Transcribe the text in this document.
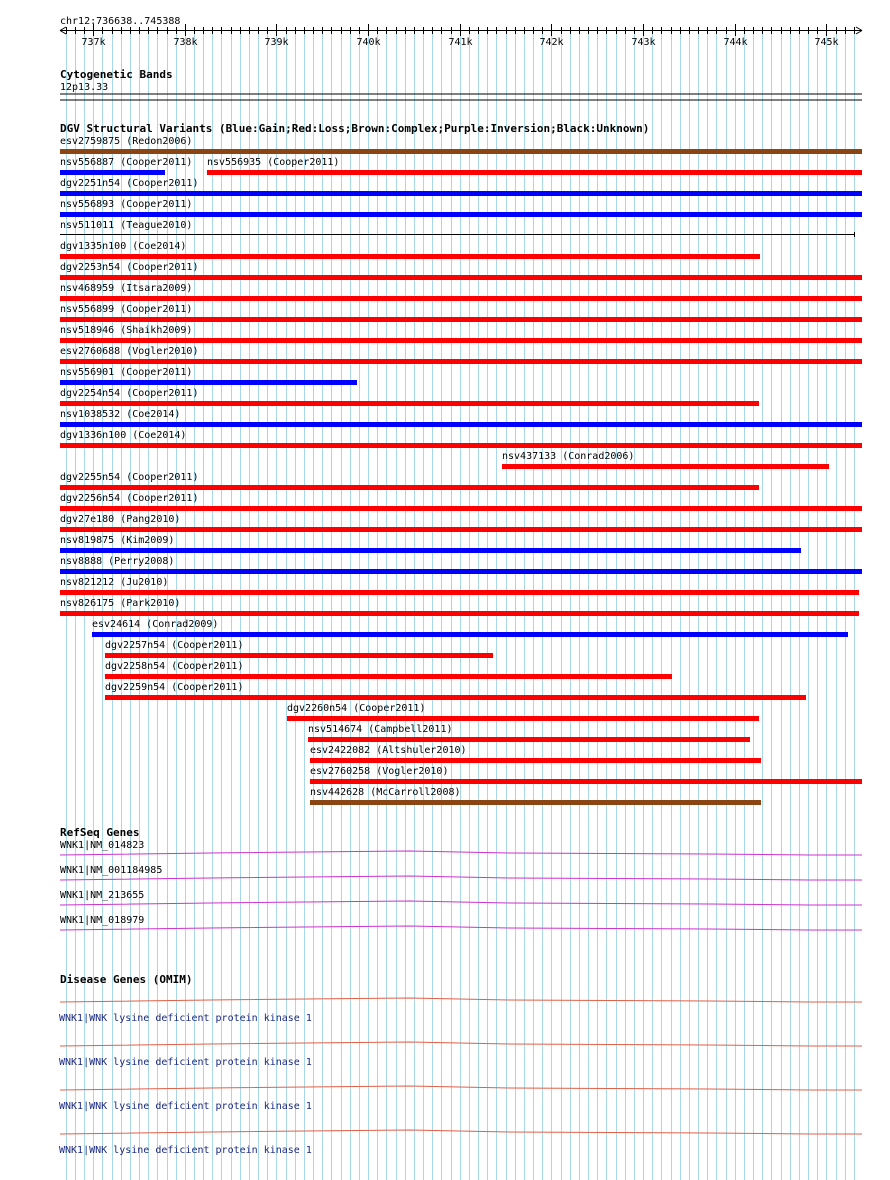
chr12:736638..745388
737k	738k	739k	740k	741k	742k	743k	744k	745k
Cytogenetic Bands
12p13.33
DGV Structural Variants (Blue:Gain;Red:Loss;Brown:Complex;Purple:Inversion;Black:Unknown)
esv2759875 (Redon2006)
nsv556887 (Cooper2011) nsv556935 (Cooper2011)
dgv2251n54 (Cooper2011)
nsv556893 (Cooper2011)
nsv511011 (Teague2010)
dgv1335n100 (Coe2014)
dgv2253n54 (Cooper2011)
nsv468959 (Itsara2009)
nsv556899 (Cooper2011)
nsv518946 (Shaikh2009)
esv2760688 (Vogler2010)
nsv556901 (Cooper2011)
dgv2254n54 (Cooper2011)
nsv1038532 (Coe2014)
dgv1336n100 (Coe2014)
nsv437133 (Conrad2006)
dgv2255n54 (Cooper2011)
dgv2256n54 (Cooper2011)
dgv27e180 (Pang2010)
nsv819875 (Kim2009)
nsv8888 (Perry2008)
nsv821212 (Ju2010)
nsv826175 (Park2010)
esv24614 (Conrad2009)
dgv2257n54 (Cooper2011)
dgv2258n54 (Cooper2011)
dgv2259n54 (Cooper2011)
dgv2260n54 (Cooper2011)
nsv514674 (Campbell2011)
esv2422082 (Altshuler2010)
esv2760258 (Vogler2010)
nsv442628 (McCarroll2008)
RefSeq Genes
WNK1|NM_014823
WNK1|NM_001184985
WNK1|NM_213655
WNK1|NM_018979
Disease Genes (OMIM)
WNK1|WNK lysine deficient protein kinase 1
WNK1|WNK lysine deficient protein kinase 1
WNK1|WNK lysine deficient protein kinase 1
WNK1|WNK lysine deficient protein kinase 1
